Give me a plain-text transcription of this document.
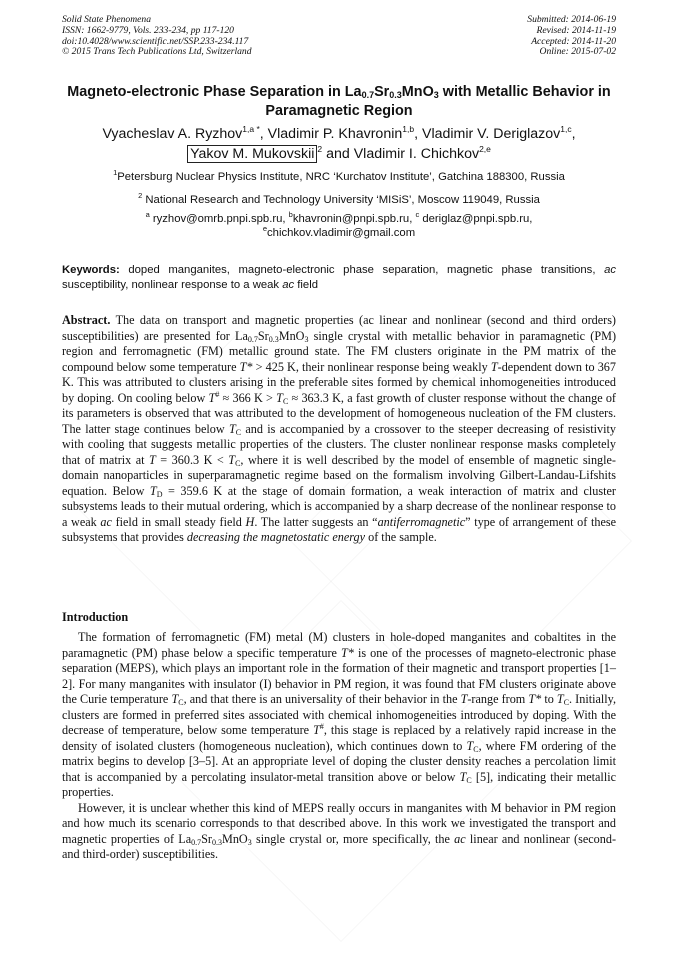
Solid State Phenomena
ISSN: 1662-9779, Vols. 233-234, pp 117-120
doi:10.4028/www.scientific.net/SSP.233-234.117
© 2015 Trans Tech Publications Ltd, Switzerland
Submitted: 2014-06-19
Revised: 2014-11-19
Accepted: 2014-11-20
Online: 2015-07-02
Magneto-electronic Phase Separation in $La_{0.7}Sr_{0.3}MnO_3$ with Metallic Behavior in Paramagnetic Region
Vyacheslav A. Ryzhov$^{1,a *}$, Vladimir P. Khavronin$^{1,b}$, Vladimir V. Deriglazov$^{1,c}$,
Yakov M. Mukovskii $^2$ and Vladimir I. Chichkov$^{2,e}$
$^1$Petersburg Nuclear Physics Institute, NRC ‘Kurchatov Institute’, Gatchina 188300, Russia
$^2$ National Research and Technology University ‘MISiS’, Moscow 119049, Russia
$^a$ ryzhov@omrb.pnpi.spb.ru, $^b$khavronin@pnpi.spb.ru, $^c$ deriglaz@pnpi.spb.ru,
$^e$chichkov.vladimir@gmail.com
Keywords: doped manganites, magneto-electronic phase separation, magnetic phase transitions, ac susceptibility, nonlinear response to a weak ac field
Abstract. The data on transport and magnetic properties (ac linear and nonlinear (second and third orders) susceptibilities) are presented for $La_{0.7}Sr_{0.3}MnO_3$ single crystal with metallic behavior in paramagnetic (PM) region and ferromagnetic (FM) metallic ground state. The FM clusters originate in the PM matrix of the compound below some temperature T* > 425 K, their nonlinear response being weakly T-dependent down to 367 K. This was attributed to clusters arising in the preferable sites formed by chemical inhomogeneities introduced by doping. On cooling below T# ≈ 366 $K > T_C \approx 363.3$ K, a fast growth of cluster response without the change of its parameters is observed that was attributed to the development of homogeneous nucleation of the FM clusters. The latter stage continues below $T_C$ and is accompanied by a crossover to the steeper decreasing of resistivity with cooling that suggests metallic properties of the clusters. The cluster nonlinear response masks completely that of matrix at T = 360.3 $K < T_C$, where it is well described by the model of ensemble of magnetic single-domain nanoparticles in superparamagnetic regime based on the formalism involving Gilbert-Landau-Lifshits equation. Below $T_D = 359.6$ K at the stage of domain formation, a weak interaction of matrix and cluster subsystems leads to their mutual ordering, which is accompanied by a sharp decrease of the nonlinear response to a weak ac field in small steady field H. The latter suggests an “antiferromagnetic” type of arrangement of these subsystems that provides decreasing the magnetostatic energy of the sample.
Introduction

The formation of ferromagnetic (FM) metal (M) clusters in hole-doped manganites and cobaltites in the paramagnetic (PM) phase below a specific temperature T* is one of the processes of magneto-electronic phase separation (MEPS), which plays an important role in the formation of their magnetic and transport properties [1–2]. For many manganites with insulator (I) behavior in PM region, it was found that FM clusters originate above the Curie temperature $T_C$, and that there is an universality of their behavior in the T-range from T* to $T_C$. Initially, clusters are formed in preferred sites associated with chemical inhomogeneities introduced by doping. With the decrease of temperature, below some temperature T#, this stage is replaced by a relatively rapid increase in the density of isolated clusters (homogeneous nucleation), which continues down to $T_C$, where FM ordering of the matrix begins to develop [3–5]. At an appropriate level of doping the cluster density reaches a percolation limit that is accompanied by a percolating insulator-metal transition above or below $T_C$ [5], indicating their metallic properties.

However, it is unclear whether this kind of MEPS really occurs in manganites with M behavior in PM region and how much its scenario corresponds to that described above. In this work we investigated the transport and magnetic properties of $La_{0.7}Sr_{0.3}MnO_3$ single crystal or, more specifically, the ac linear and nonlinear (second- and third-order) susceptibilities.
